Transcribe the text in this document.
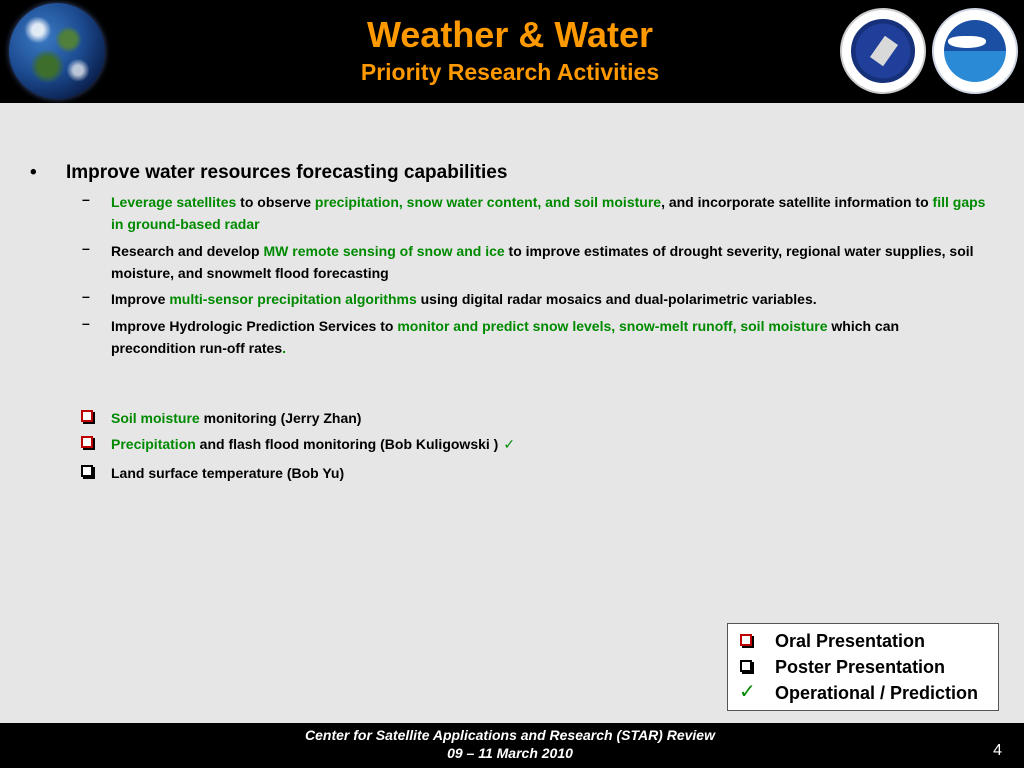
Weather & Water
Priority Research Activities
• Improve water resources forecasting capabilities
– Leverage satellites to observe precipitation, snow water content, and soil moisture, and incorporate satellite information to fill gaps in ground-based radar
– Research and develop MW remote sensing of snow and ice to improve estimates of drought severity, regional water supplies, soil moisture, and snowmelt flood forecasting
– Improve multi-sensor precipitation algorithms using digital radar mosaics and dual-polarimetric variables.
– Improve Hydrologic Prediction Services to monitor and predict snow levels, snow-melt runoff, soil moisture which can precondition run-off rates.
Soil moisture monitoring (Jerry Zhan)
Precipitation and flash flood monitoring (Bob Kuligowski ) ✓
Land surface temperature (Bob Yu)
Oral Presentation
Poster Presentation
✓ Operational / Prediction
Center for Satellite Applications and Research (STAR) Review
09 – 11 March 2010	4
